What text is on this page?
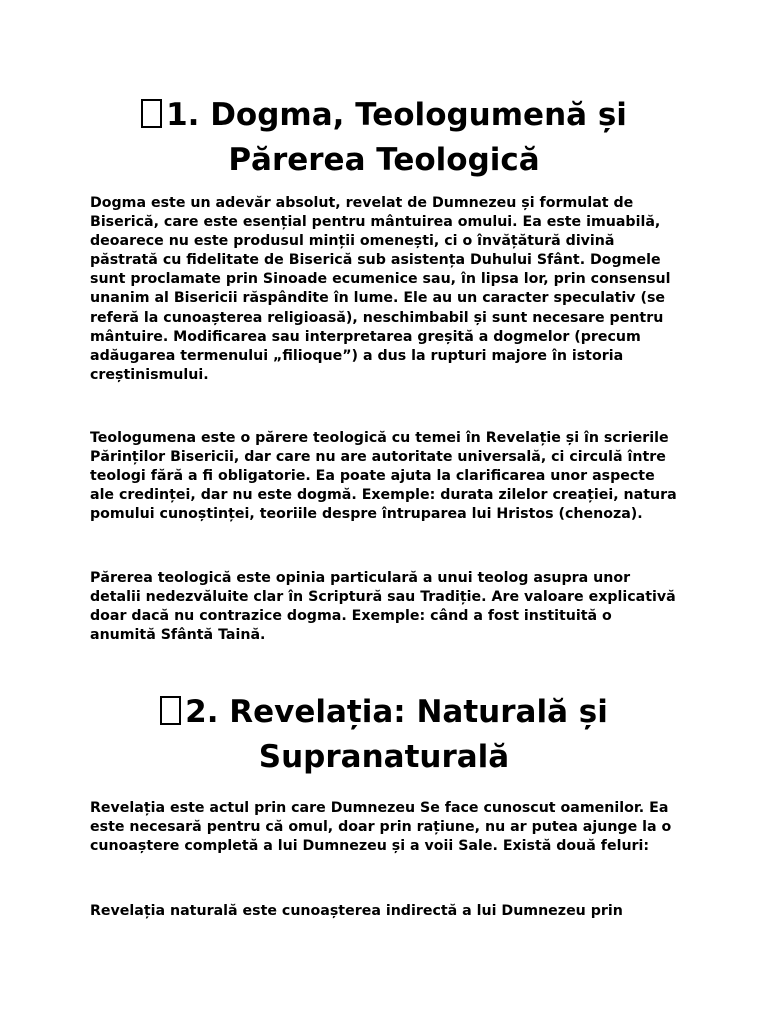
1. Dogma, Teologumenă și
Părerea Teologică

Dogma este un adevăr absolut, revelat de Dumnezeu și formulat de Biserică, care este esențial pentru mântuirea omului. Ea este imuabilă, deoarece nu este produsul minții omenești, ci o învățătură divină păstrată cu fidelitate de Biserică sub asistența Duhului Sfânt. Dogmele sunt proclamate prin Sinoade ecumenice sau, în lipsa lor, prin consensul unanim al Bisericii răspândite în lume. Ele au un caracter speculativ (se referă la cunoașterea religioasă), neschimbabil și sunt necesare pentru mântuire. Modificarea sau interpretarea greșită a dogmelor (precum adăugarea termenului „filioque”) a dus la rupturi majore în istoria creștinismului.

Teologumena este o părere teologică cu temei în Revelație și în scrierile Părinților Bisericii, dar care nu are autoritate universală, ci circulă între teologi fără a fi obligatorie. Ea poate ajuta la clarificarea unor aspecte ale credinței, dar nu este dogmă. Exemple: durata zilelor creației, natura pomului cunoștinței, teoriile despre întruparea lui Hristos (chenoza).

Părerea teologică este opinia particulară a unui teolog asupra unor detalii nedezvăluite clar în Scriptură sau Tradiție. Are valoare explicativă doar dacă nu contrazice dogma. Exemple: când a fost instituită o anumită Sfântă Taină.

2. Revelația: Naturală și
Supranaturală

Revelația este actul prin care Dumnezeu Se face cunoscut oamenilor. Ea este necesară pentru că omul, doar prin rațiune, nu ar putea ajunge la o cunoaștere completă a lui Dumnezeu și a voii Sale. Există două feluri:

Revelația naturală este cunoașterea indirectă a lui Dumnezeu prin
